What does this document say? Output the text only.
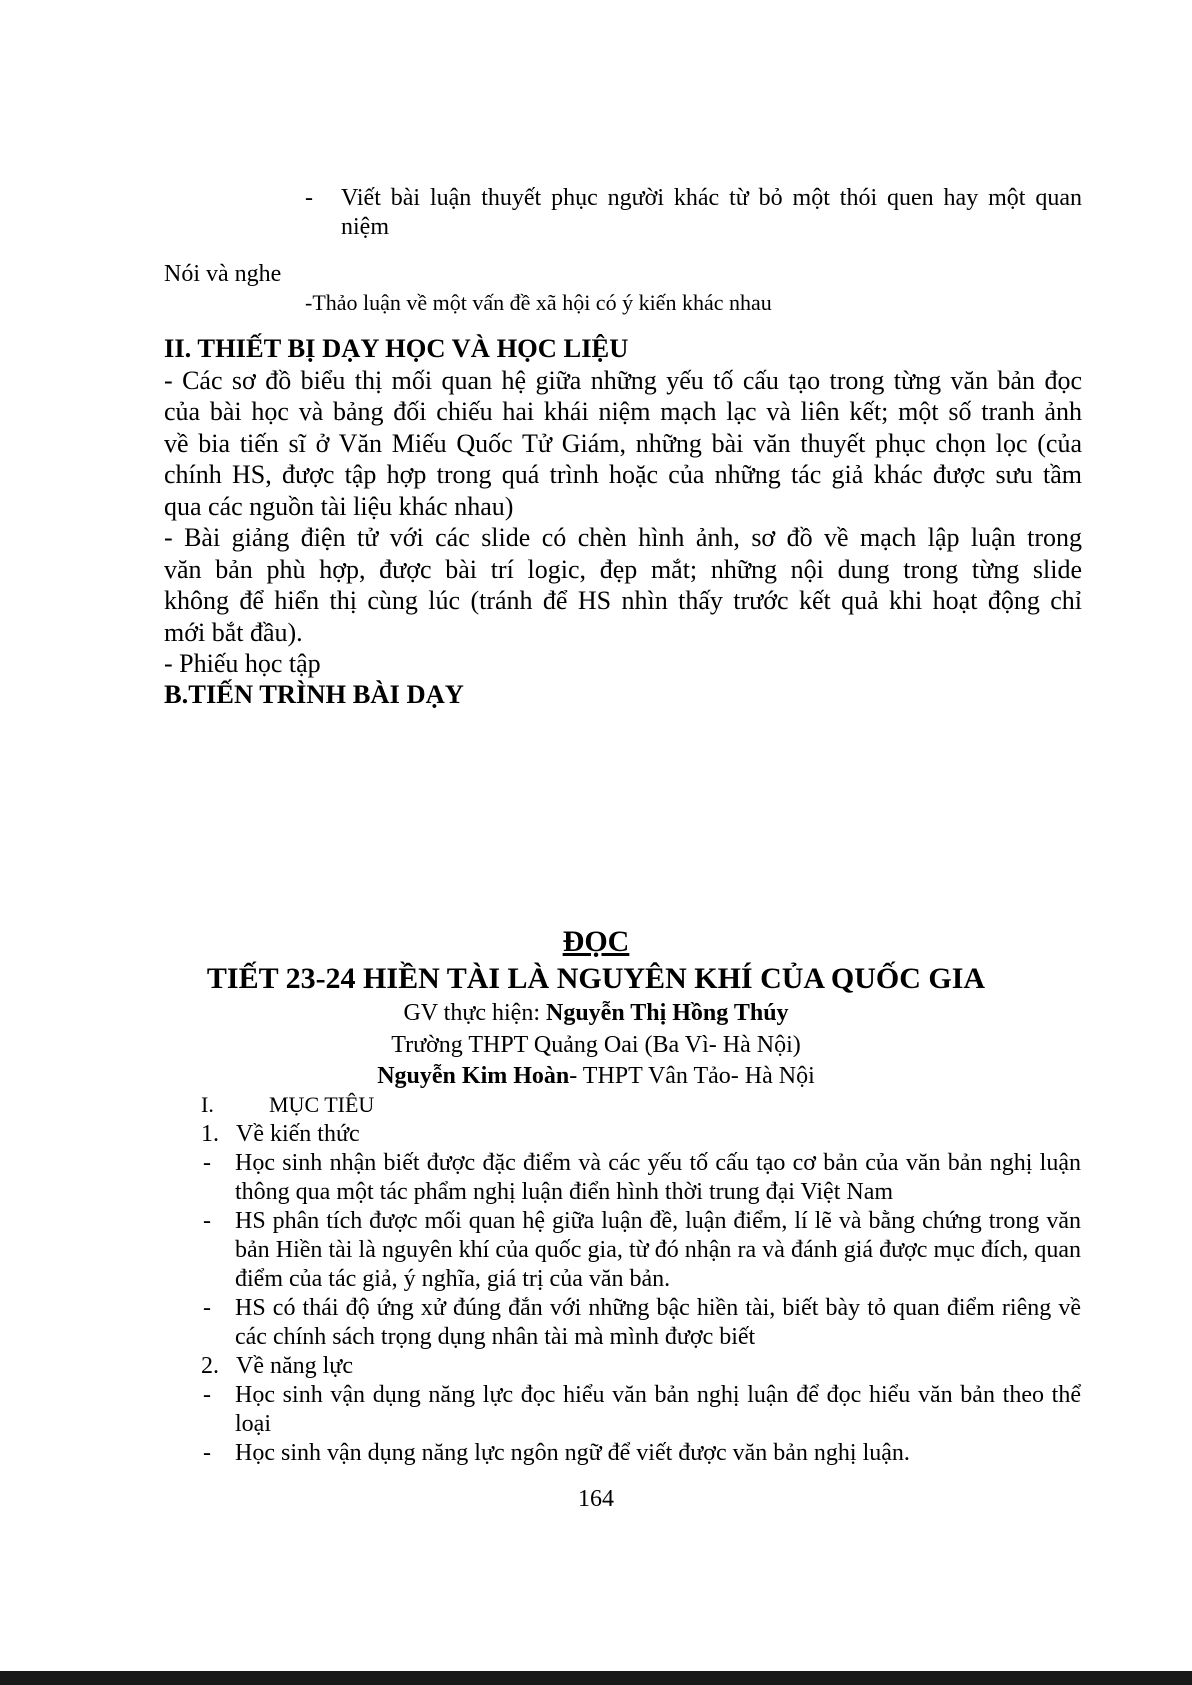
- Viết bài luận thuyết phục người khác từ bỏ một thói quen hay một quan
niệm
Nói và nghe
-Thảo luận về một vấn đề xã hội có ý kiến khác nhau
II. THIẾT BỊ DẠY HỌC VÀ HỌC LIỆU
- Các sơ đồ biểu thị mối quan hệ giữa những yếu tố cấu tạo trong từng văn bản đọc
của bài học và bảng đối chiếu hai khái niệm mạch lạc và liên kết; một số tranh ảnh
về bia tiến sĩ ở Văn Miếu Quốc Tử Giám, những bài văn thuyết phục chọn lọc (của
chính HS, được tập hợp trong quá trình hoặc của những tác giả khác được sưu tầm
qua các nguồn tài liệu khác nhau)
- Bài giảng điện tử với các slide có chèn hình ảnh, sơ đồ về mạch lập luận trong
văn bản phù hợp, được bài trí logic, đẹp mắt; những nội dung trong từng slide
không để hiển thị cùng lúc (tránh để HS nhìn thấy trước kết quả khi hoạt động chỉ
mới bắt đầu).
- Phiếu học tập
B.TIẾN TRÌNH BÀI DẠY
ĐỌC
TIẾT 23-24 HIỀN TÀI LÀ NGUYÊN KHÍ CỦA QUỐC GIA
GV thực hiện: Nguyễn Thị Hồng Thúy
Trường THPT Quảng Oai (Ba Vì- Hà Nội)
Nguyễn Kim Hoàn- THPT Vân Tảo- Hà Nội
I.	MỤC TIÊU
1. Về kiến thức
- Học sinh nhận biết được đặc điểm và các yếu tố cấu tạo cơ bản của văn bản nghị luận thông qua một tác phẩm nghị luận điển hình thời trung đại Việt Nam
- HS phân tích được mối quan hệ giữa luận đề, luận điểm, lí lẽ và bằng chứng trong văn bản Hiền tài là nguyên khí của quốc gia, từ đó nhận ra và đánh giá được mục đích, quan điểm của tác giả, ý nghĩa, giá trị của văn bản.
- HS có thái độ ứng xử đúng đắn với những bậc hiền tài, biết bày tỏ quan điểm riêng về các chính sách trọng dụng nhân tài mà mình được biết
2. Về năng lực
- Học sinh vận dụng năng lực đọc hiểu văn bản nghị luận để đọc hiểu văn bản theo thể loại
- Học sinh vận dụng năng lực ngôn ngữ để viết được văn bản nghị luận.
164
